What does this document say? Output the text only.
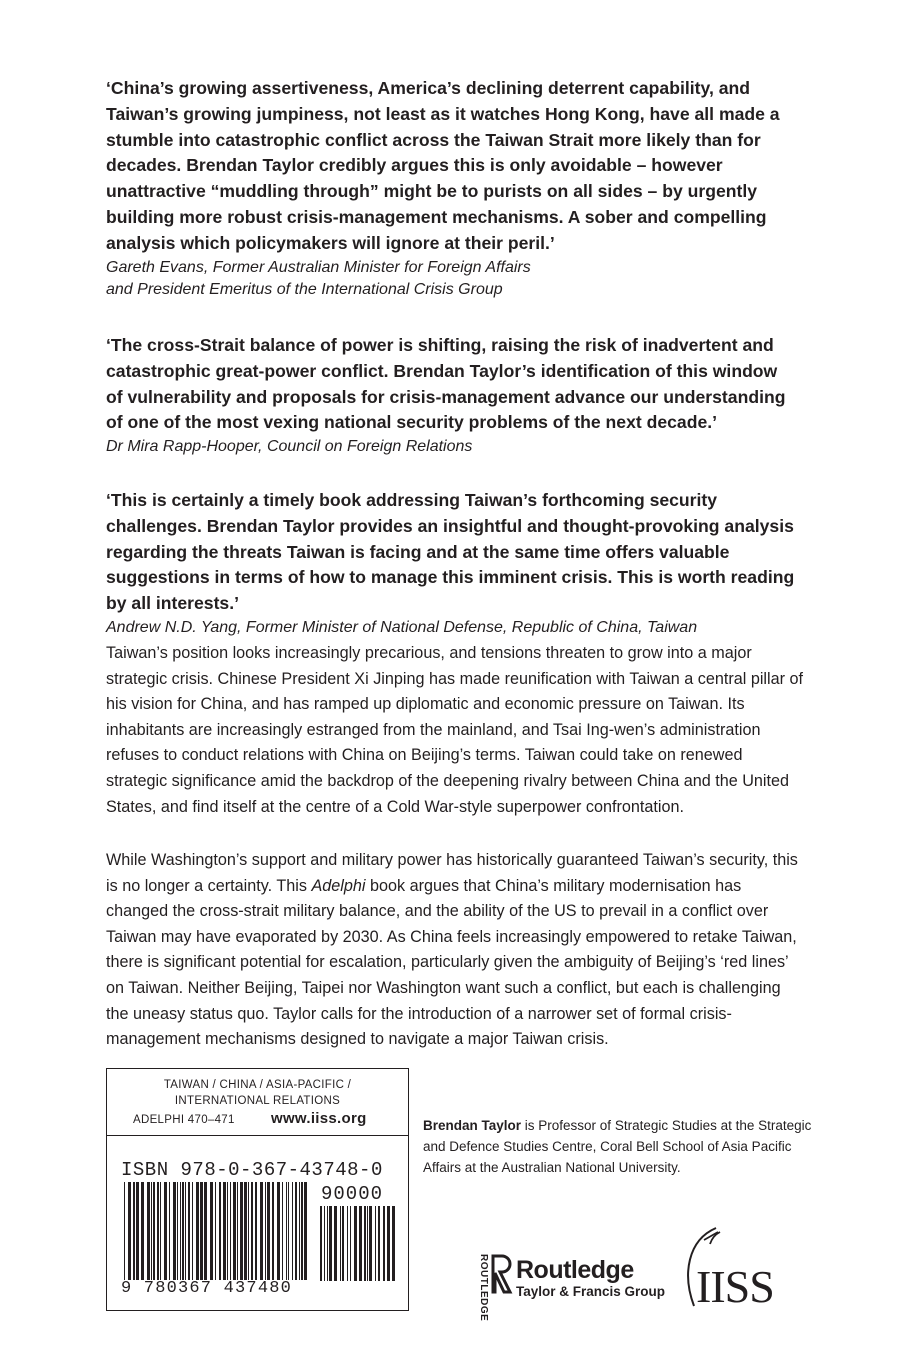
‘China’s growing assertiveness, America’s declining deterrent capability, and Taiwan’s growing jumpiness, not least as it watches Hong Kong, have all made a stumble into catastrophic conflict across the Taiwan Strait more likely than for decades. Brendan Taylor credibly argues this is only avoidable – however unattractive “muddling through” might be to purists on all sides – by urgently building more robust crisis-management mechanisms. A sober and compelling analysis which policymakers will ignore at their peril.’

Gareth Evans, Former Australian Minister for Foreign Affairs

and President Emeritus of the International Crisis Group

‘The cross-Strait balance of power is shifting, raising the risk of inadvertent and catastrophic great-power conflict. Brendan Taylor’s identification of this window of vulnerability and proposals for crisis-management advance our understanding of one of the most vexing national security problems of the next decade.’

Dr Mira Rapp-Hooper, Council on Foreign Relations

‘This is certainly a timely book addressing Taiwan’s forthcoming security challenges. Brendan Taylor provides an insightful and thought-provoking analysis regarding the threats Taiwan is facing and at the same time offers valuable suggestions in terms of how to manage this imminent crisis. This is worth reading by all interests.’

Andrew N.D. Yang, Former Minister of National Defense, Republic of China, Taiwan

Taiwan’s position looks increasingly precarious, and tensions threaten to grow into a major strategic crisis. Chinese President Xi Jinping has made reunification with Taiwan a central pillar of his vision for China, and has ramped up diplomatic and economic pressure on Taiwan. Its inhabitants are increasingly estranged from the mainland, and Tsai Ing-wen’s administration refuses to conduct relations with China on Beijing’s terms. Taiwan could take on renewed strategic significance amid the backdrop of the deepening rivalry between China and the United States, and find itself at the centre of a Cold War-style superpower confrontation.

While Washington’s support and military power has historically guaranteed Taiwan’s security, this is no longer a certainty. This Adelphi book argues that China’s military modernisation has changed the cross-strait military balance, and the ability of the US to prevail in a conflict over Taiwan may have evaporated by 2030. As China feels increasingly empowered to retake Taiwan, there is significant potential for escalation, particularly given the ambiguity of Beijing’s ‘red lines’ on Taiwan. Neither Beijing, Taipei nor Washington want such a conflict, but each is challenging the uneasy status quo. Taylor calls for the introduction of a narrower set of formal crisis-management mechanisms designed to navigate a major Taiwan crisis.

TAIWAN / CHINA / ASIA-PACIFIC /
INTERNATIONAL RELATIONS
ADELPHI 470–471 www.iiss.org
ISBN 978-0-367-43748-0
90000
9 780367 437480

Brendan Taylor is Professor of Strategic Studies at the Strategic and Defence Studies Centre, Coral Bell School of Asia Pacific Affairs at the Australian National University.

ROUTLEDGE Routledge
Taylor & Francis Group IISS
